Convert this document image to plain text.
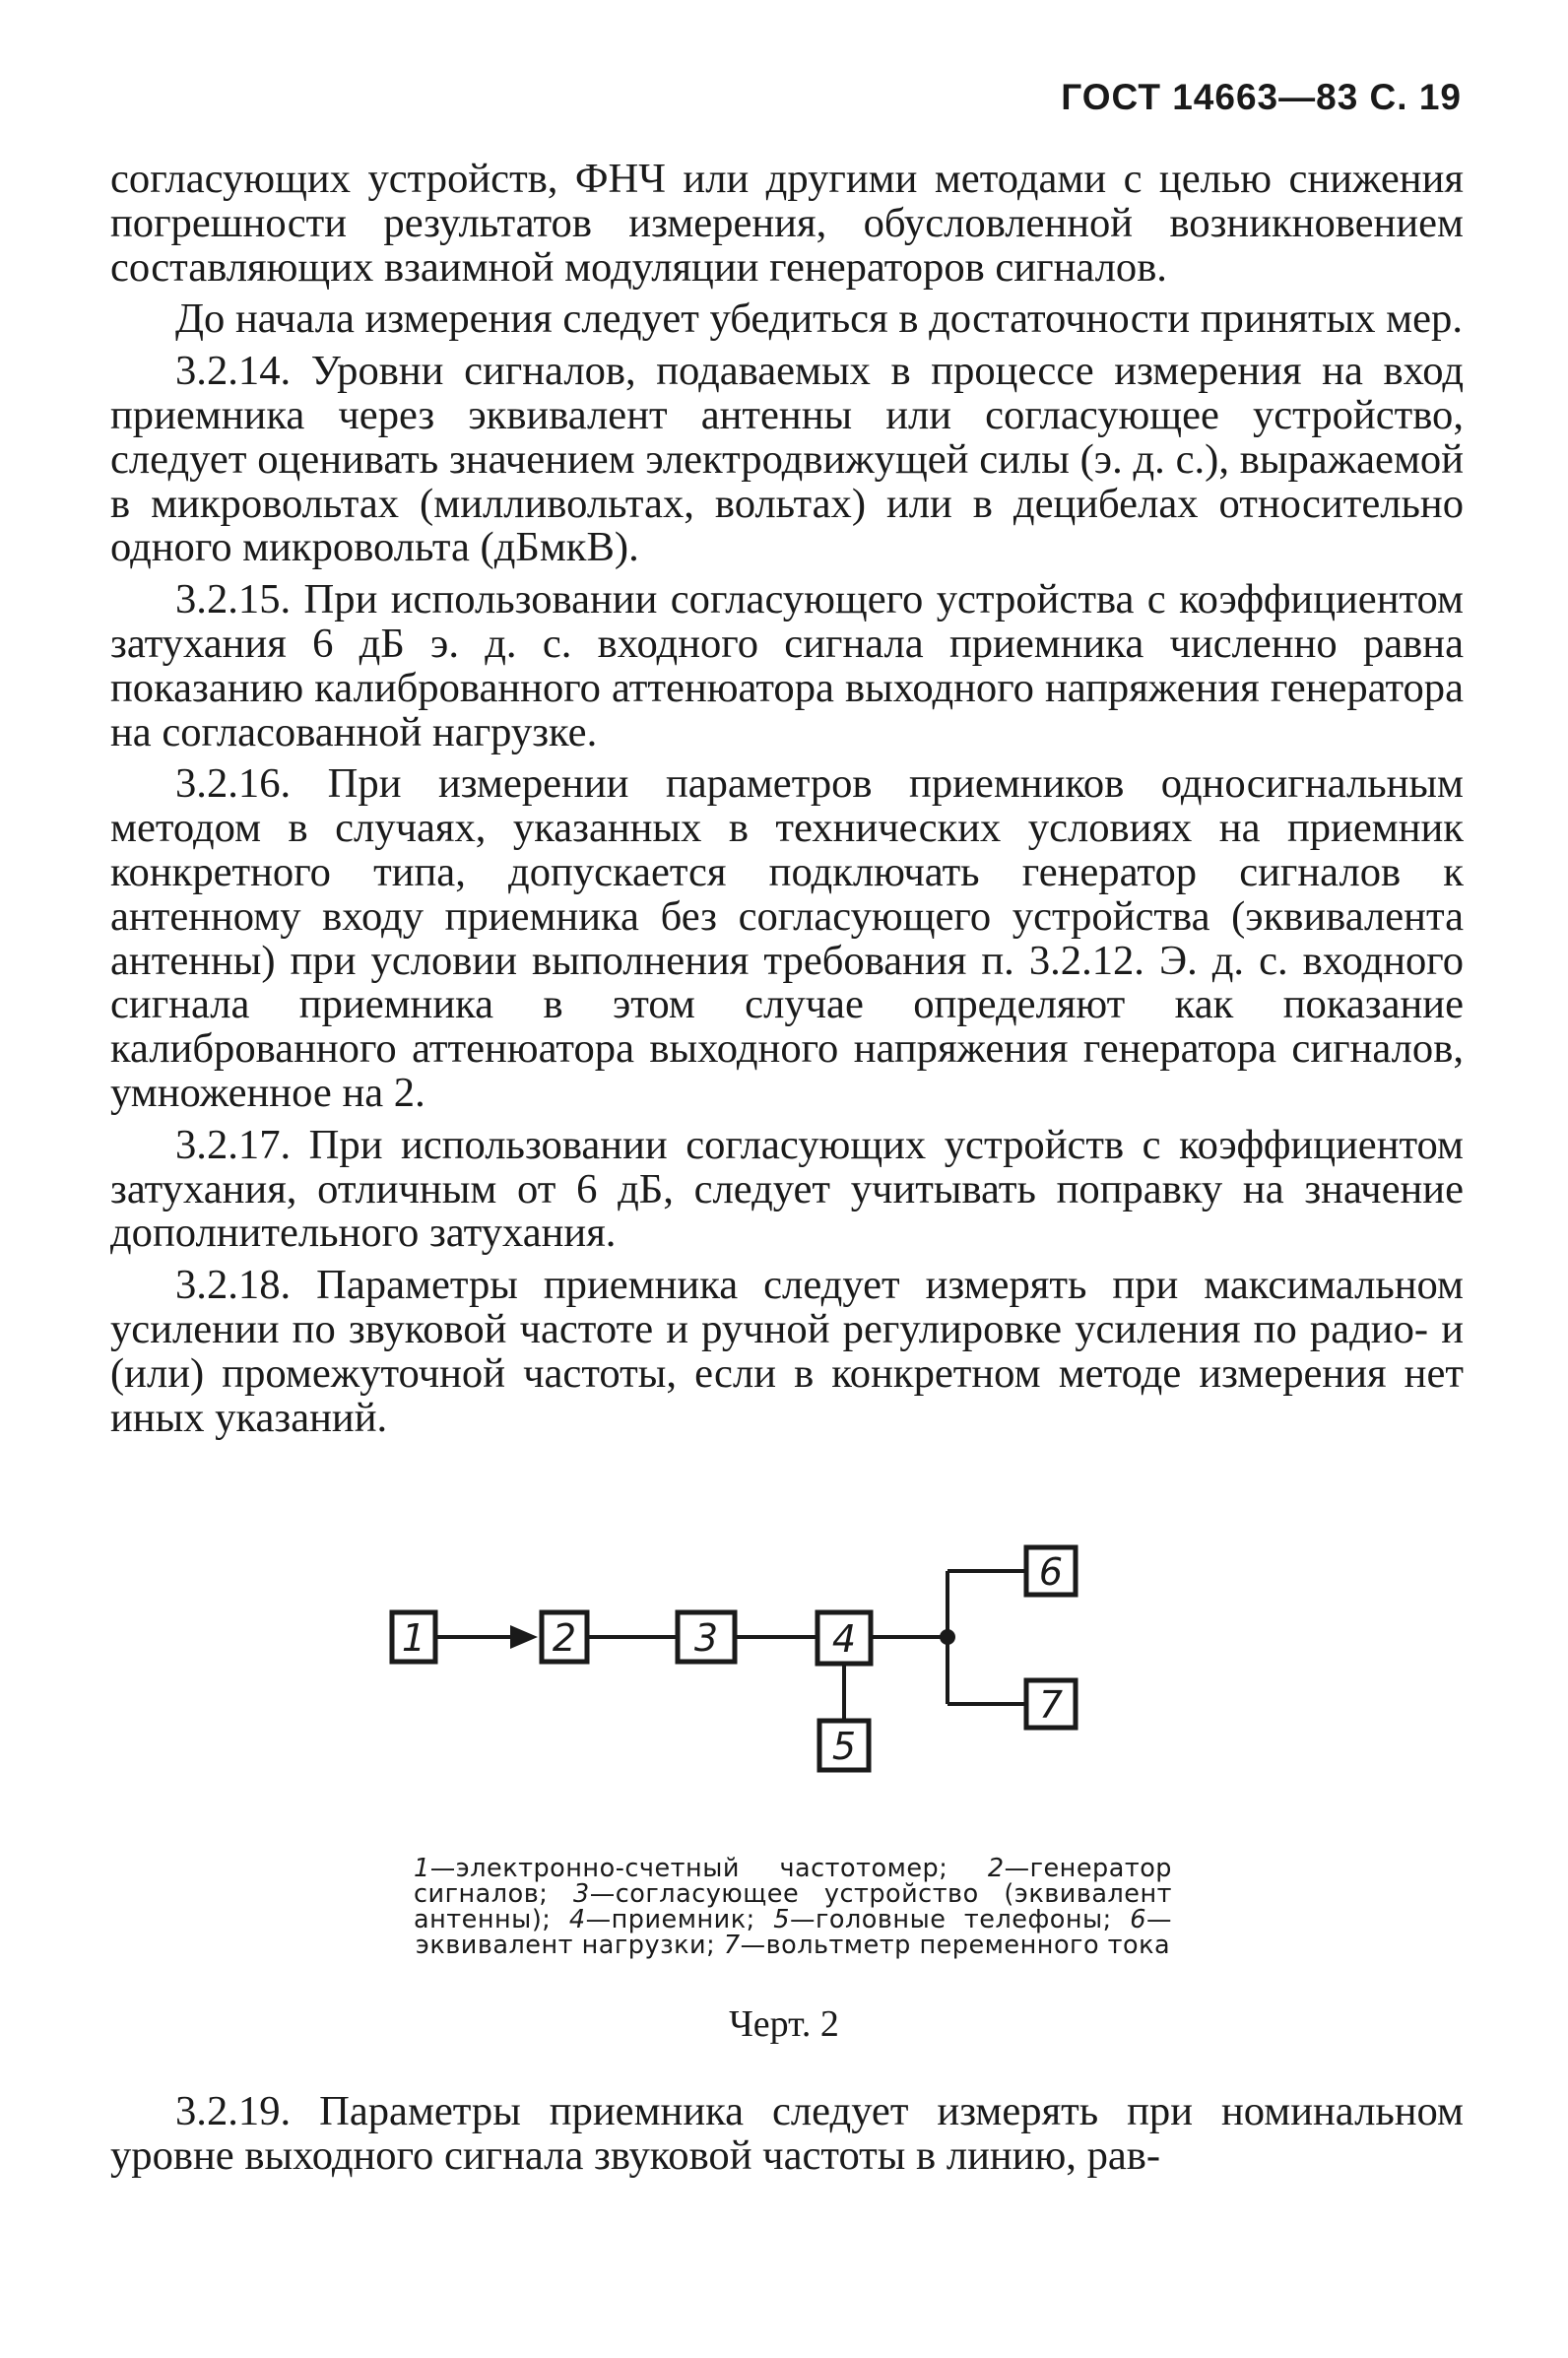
ГОСТ 14663—83 С. 19

согласующих устройств, ФНЧ или другими методами с целью снижения погрешности результатов измерения, обусловленной возникновением составляющих взаимной модуляции генераторов сигналов.

До начала измерения следует убедиться в достаточности принятых мер.

3.2.14. Уровни сигналов, подаваемых в процессе измерения на вход приемника через эквивалент антенны или согласующее устройство, следует оценивать значением электродвижущей силы (э. д. с.), выражаемой в микровольтах (милливольтах, вольтах) или в децибелах относительно одного микровольта (дБмкВ).

3.2.15. При использовании согласующего устройства с коэффициентом затухания 6 дБ э. д. с. входного сигнала приемника численно равна показанию калиброванного аттенюатора выходного напряжения генератора на согласованной нагрузке.

3.2.16. При измерении параметров приемников односигнальным методом в случаях, указанных в технических условиях на приемник конкретного типа, допускается подключать генератор сигналов к антенному входу приемника без согласующего устройства (эквивалента антенны) при условии выполнения требования п. 3.2.12. Э. д. с. входного сигнала приемника в этом случае определяют как показание калиброванного аттенюатора выходного напряжения генератора сигналов, умноженное на 2.

3.2.17. При использовании согласующих устройств с коэффициентом затухания, отличным от 6 дБ, следует учитывать поправку на значение дополнительного затухания.

3.2.18. Параметры приемника следует измерять при максимальном усилении по звуковой частоте и ручной регулировке усиления по радио- и (или) промежуточной частоты, если в конкретном методе измерения нет иных указаний.

1	2	3	4
5
6
7
1—электронно-счетный частотомер; 2—генератор сигналов; 3—согласующее устройство (эквивалент антенны); 4—приемник; 5—головные телефоны; 6—эквивалент нагрузки; 7—вольтметр переменного тока
Черт. 2

3.2.19. Параметры приемника следует измерять при номинальном уровне выходного сигнала звуковой частоты в линию, рав-
